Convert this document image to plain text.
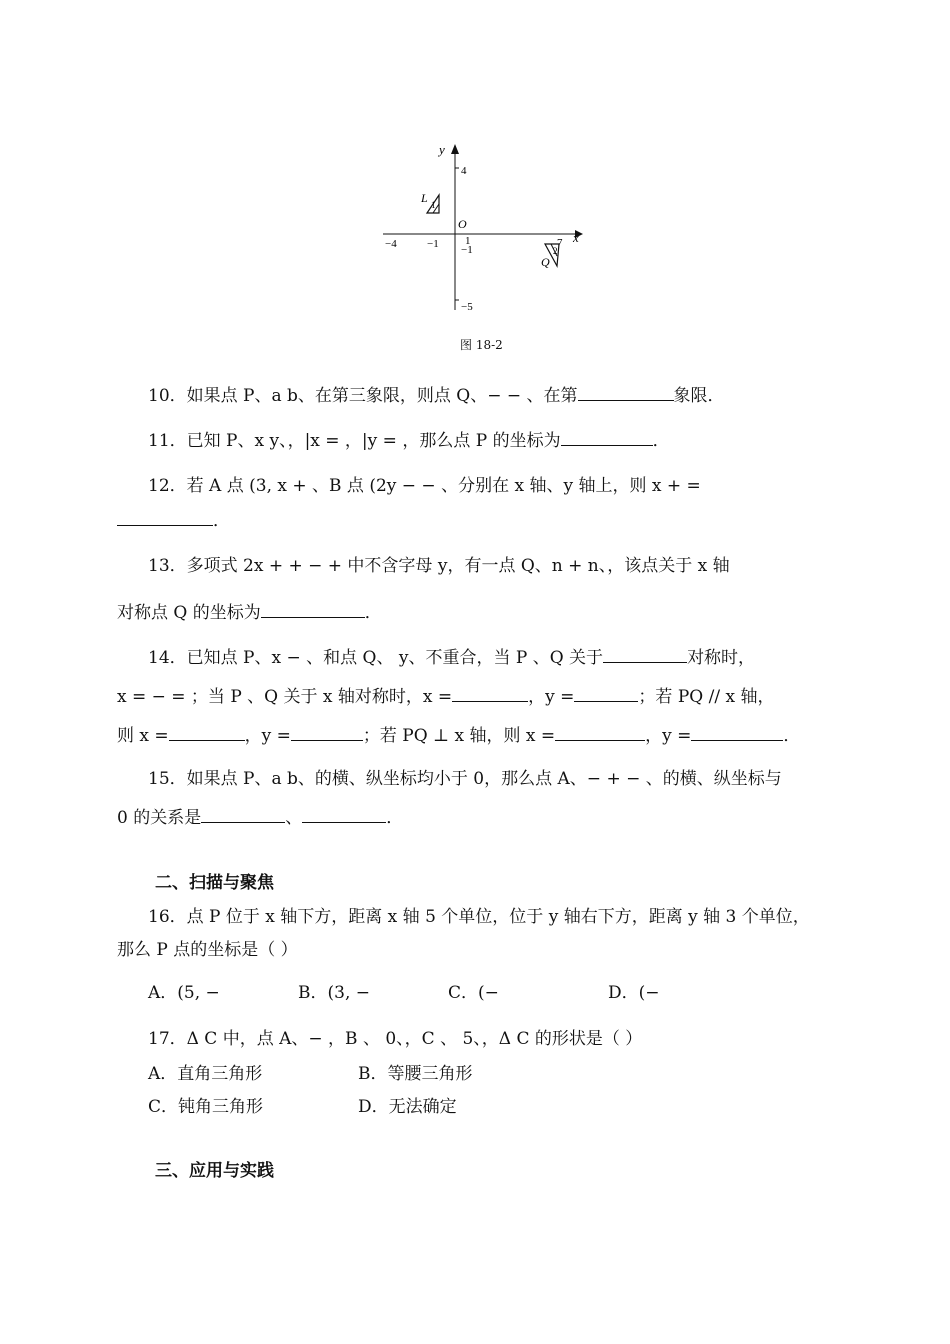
x
y
O
4
−4	−1 1
−1
7
−5
L 1
Q
2
图 18-2
10．如果点 P、a b、在第三象限，则点 Q、− − 、在第	象限．
11．已知 P、x y、，|x = ，|y = ，那么点 P 的坐标为	．
12．若 A 点 (3, x + 、B 点 (2y − − 、分别在 x 轴、y 轴上，则 x + =
．
13．多项式 2x + + − + 中不含字母 y，有一点 Q、n + n、，该点关于 x 轴
对称点 Q 的坐标为	．
14．已知点 P、x − 、和点 Q、 y、不重合，当 P 、Q 关于	对称时，
x = − = ；当 P 、Q 关于 x 轴对称时，x =	，y =	；若 PQ // x 轴，
则 x =	，y =	；若 PQ ⊥ x 轴，则 x =	，y =	．
15．如果点 P、a b、的横、纵坐标均小于 0，那么点 A、− + − 、的横、纵坐标与
0 的关系是	、	．
二、扫描与聚焦
16．点 P 位于 x 轴下方，距离 x 轴 5 个单位，位于 y 轴右下方，距离 y 轴 3 个单位，
那么 P 点的坐标是（ ）
A．(5, −	B．(3, −	C．(−	D．(−
17．Δ C 中，点 A、− ，B 、 0、，C 、 5、，Δ C 的形状是（ ）
A．直角三角形	B．等腰三角形
C．钝角三角形	D．无法确定
三、应用与实践
